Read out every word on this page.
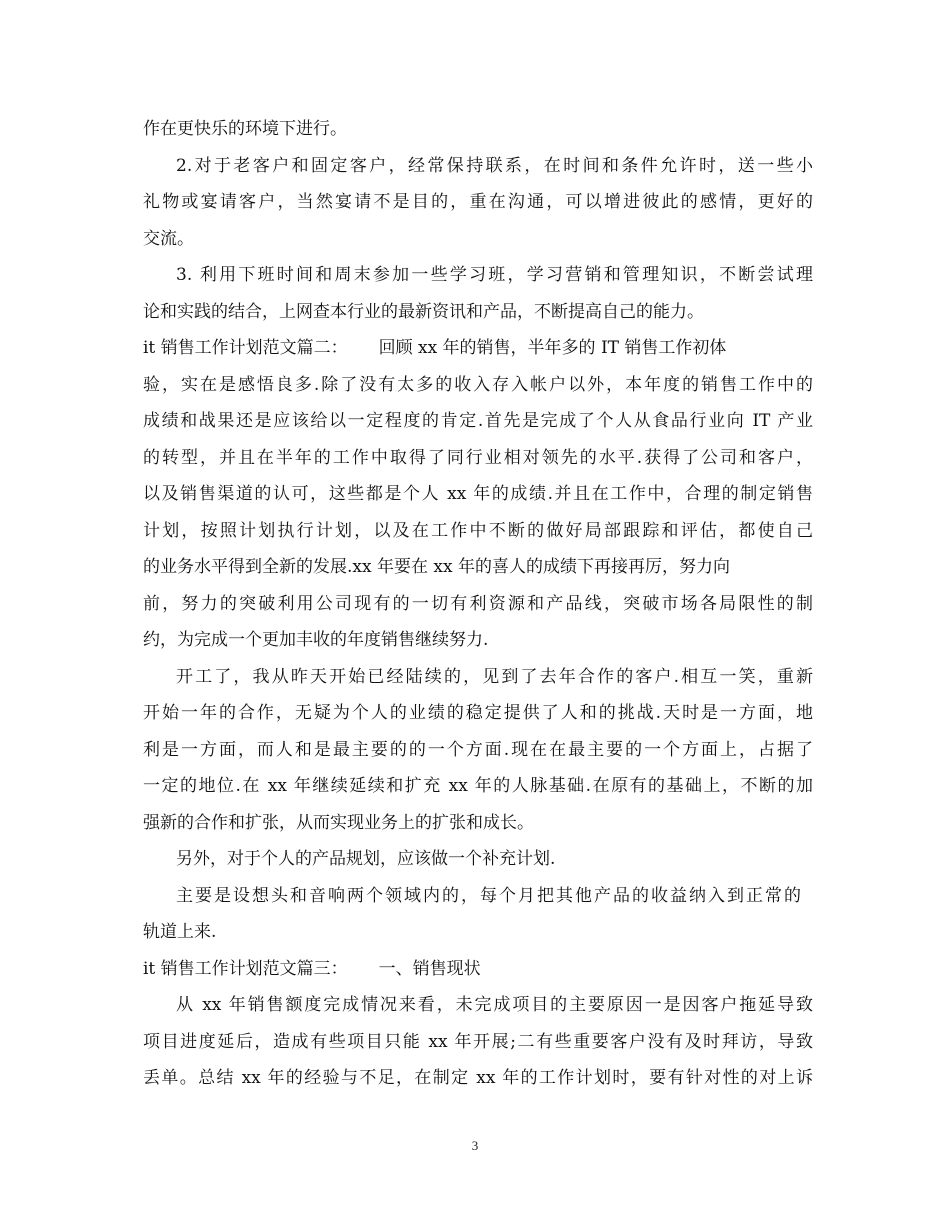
作在更快乐的环境下进行。
2.对于老客户和固定客户，经常保持联系，在时间和条件允许时，送一些小
礼物或宴请客户，当然宴请不是目的，重在沟通，可以增进彼此的感情，更好的
交流。
3. 利用下班时间和周末参加一些学习班，学习营销和管理知识，不断尝试理
论和实践的结合，上网查本行业的最新资讯和产品，不断提高自己的能力。
it 销售工作计划范文篇二：　　 回顾 xx 年的销售，半年多的 IT 销售工作初体
验，实在是感悟良多.除了没有太多的收入存入帐户以外，本年度的销售工作中的
成绩和战果还是应该给以一定程度的肯定.首先是完成了个人从食品行业向 IT 产业
的转型，并且在半年的工作中取得了同行业相对领先的水平.获得了公司和客户，
以及销售渠道的认可，这些都是个人 xx 年的成绩.并且在工作中，合理的制定销售
计划，按照计划执行计划，以及在工作中不断的做好局部跟踪和评估，都使自己
的业务水平得到全新的发展.xx 年要在 xx 年的喜人的成绩下再接再厉，努力向
前，努力的突破利用公司现有的一切有利资源和产品线，突破市场各局限性的制
约，为完成一个更加丰收的年度销售继续努力.
开工了，我从昨天开始已经陆续的，见到了去年合作的客户.相互一笑，重新
开始一年的合作，无疑为个人的业绩的稳定提供了人和的挑战.天时是一方面，地
利是一方面，而人和是最主要的的一个方面.现在在最主要的一个方面上，占据了
一定的地位.在 xx 年继续延续和扩充 xx 年的人脉基础.在原有的基础上，不断的加
强新的合作和扩张，从而实现业务上的扩张和成长。
另外，对于个人的产品规划，应该做一个补充计划.
主要是设想头和音响两个领域内的，每个月把其他产品的收益纳入到正常的
轨道上来.
it 销售工作计划范文篇三：　　 一、销售现状
从 xx 年销售额度完成情况来看，未完成项目的主要原因一是因客户拖延导致
项目进度延后，造成有些项目只能 xx 年开展;二有些重要客户没有及时拜访，导致
丢单。总结 xx 年的经验与不足，在制定 xx 年的工作计划时，要有针对性的对上诉
3
